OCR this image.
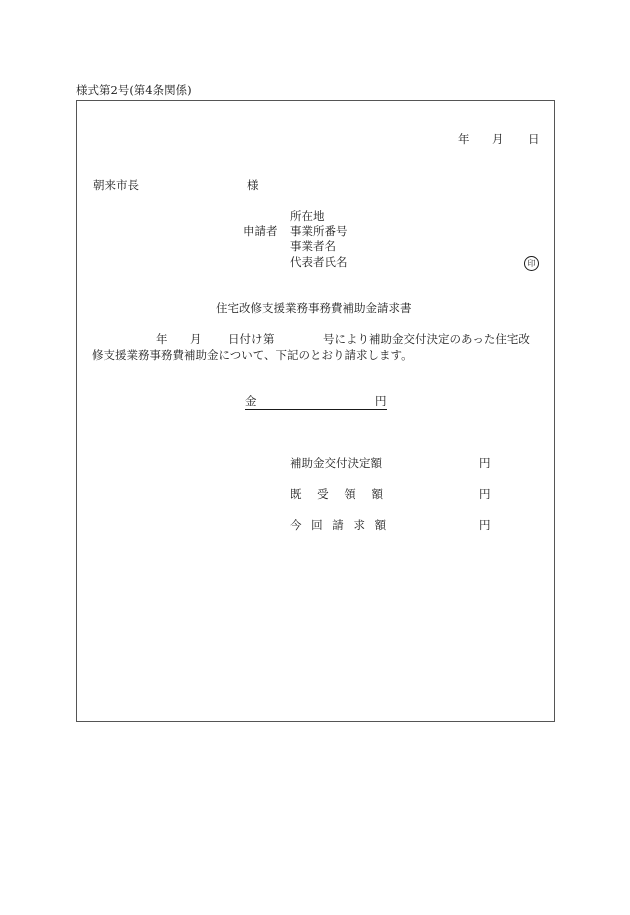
様式第2号(第4条関係)
年 月 日
朝来市長	様
申請者
所在地
事業所番号
事業者名
代表者氏名	印
住宅改修支援業務事務費補助金請求書
年 月 日付け 第	号により補助金交付決定のあった住宅改
修支援業務事務費補助金について、下記のとおり請求します。
金	円
補助金交付決定額	円
既 受 領 額	円
今 回 請 求 額	円
